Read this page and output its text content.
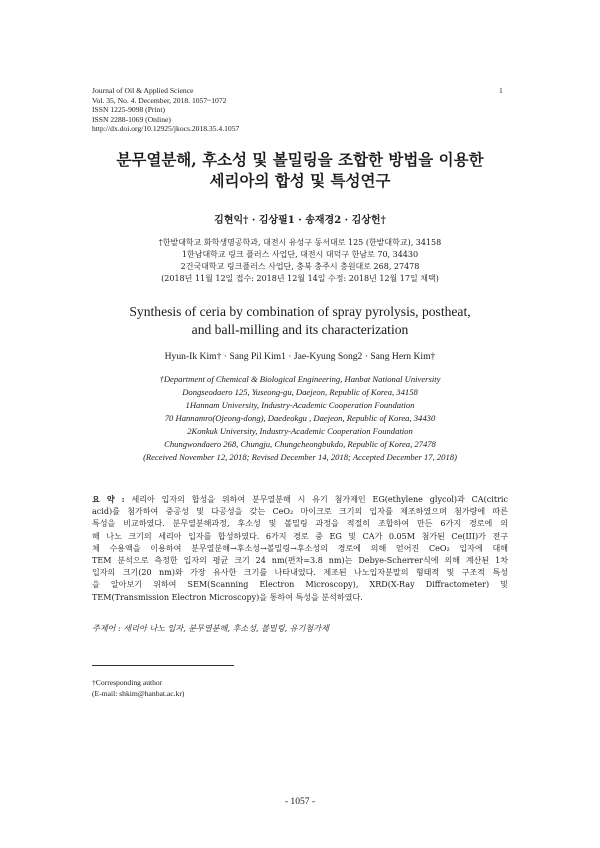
Journal of Oil & Applied Science
Vol. 35, No. 4. December, 2018. 1057~1072
ISSN 1225-9098 (Print)
ISSN 2288-1069 (Online)
http://dx.doi.org/10.12925/jkocs.2018.35.4.1057
1
분무열분해, 후소성 및 볼밀링을 조합한 방법을 이용한
세리아의 합성 및 특성연구
김현익† · 김상필1 · 송재경2 · 김상헌†
†한밭대학교 화학생명공학과, 대전시 유성구 동서대로 125 (한밭대학교), 34158
1한남대학교 링크 플러스 사업단, 대전시 대덕구 한남로 70, 34430
2건국대학교 링크플러스 사업단, 충북 충주시 충원대로 268, 27478
(2018년 11월 12일 접수: 2018년 12월 14일 수정: 2018년 12월 17일 채택)
Synthesis of ceria by combination of spray pyrolysis, postheat,
and ball-milling and its characterization
Hyun-Ik Kim† · Sang Pil Kim1 · Jae-Kyung Song2 · Sang Hern Kim†
†Department of Chemical & Biological Engineering, Hanbat National University
Dongseodaero 125, Yuseong-gu, Daejeon, Republic of Korea, 34158
1Hannam University, Industry-Academic Cooperation Foundation
70 Hannamro(Ojeong-dong), Daedeokgu , Daejeon, Republic of Korea, 34430
2Konkuk University, Industry-Academic Cooperation Foundation
Chungwondaero 268, Chungju, Chungcheongbukdo, Republic of Korea, 27478
(Received November 12, 2018; Revised December 14, 2018; Accepted December 17, 2018)
요 약 : 세리아 입자의 합성을 위하여 분무열분해 시 유기 첨가제인 EG(ethylene glycol)과 CA(citric
acid)를 첨가하여 중공성 및 다공성을 갖는 CeO₂ 마이크로 크기의 입자를 제조하였으며 첨가량에 따른
특성을 비교하였다. 분무열분해과정, 후소성 및 볼밀링 과정을 적절히 조합하여 만든 6가지 경로에 의
해 나노 크기의 세리아 입자를 합성하였다. 6가지 경로 중 EG 및 CA가 0.05M 첨가된 Ce(III)가 전구
체 수용액을 이용하여 분무열분해→후소성→볼밀링→후소성의 경로에 의해 얻어진 CeO₂ 입자에 대해
TEM 분석으로 측정한 입자의 평균 크기 24 nm(편차=3.8 nm)는 Debye-Scherrer식에 의해 계산된 1차
입자의 크기(20 nm)와 가장 유사한 크기를 나타내었다. 제조된 나노입자분말의 형태적 및 구조적 특성
을 알아보기 위하여 SEM(Scanning Electron Microscopy), XRD(X-Ray Diffractometer) 및
TEM(Transmission Electron Microscopy)을 통하여 특성을 분석하였다.
주제어 : 세리아 나노 입자, 분무열분해, 후소성, 볼밀링, 유기첨가제
†Corresponding author
(E-mail: shkim@hanbat.ac.kr)
- 1057 -
